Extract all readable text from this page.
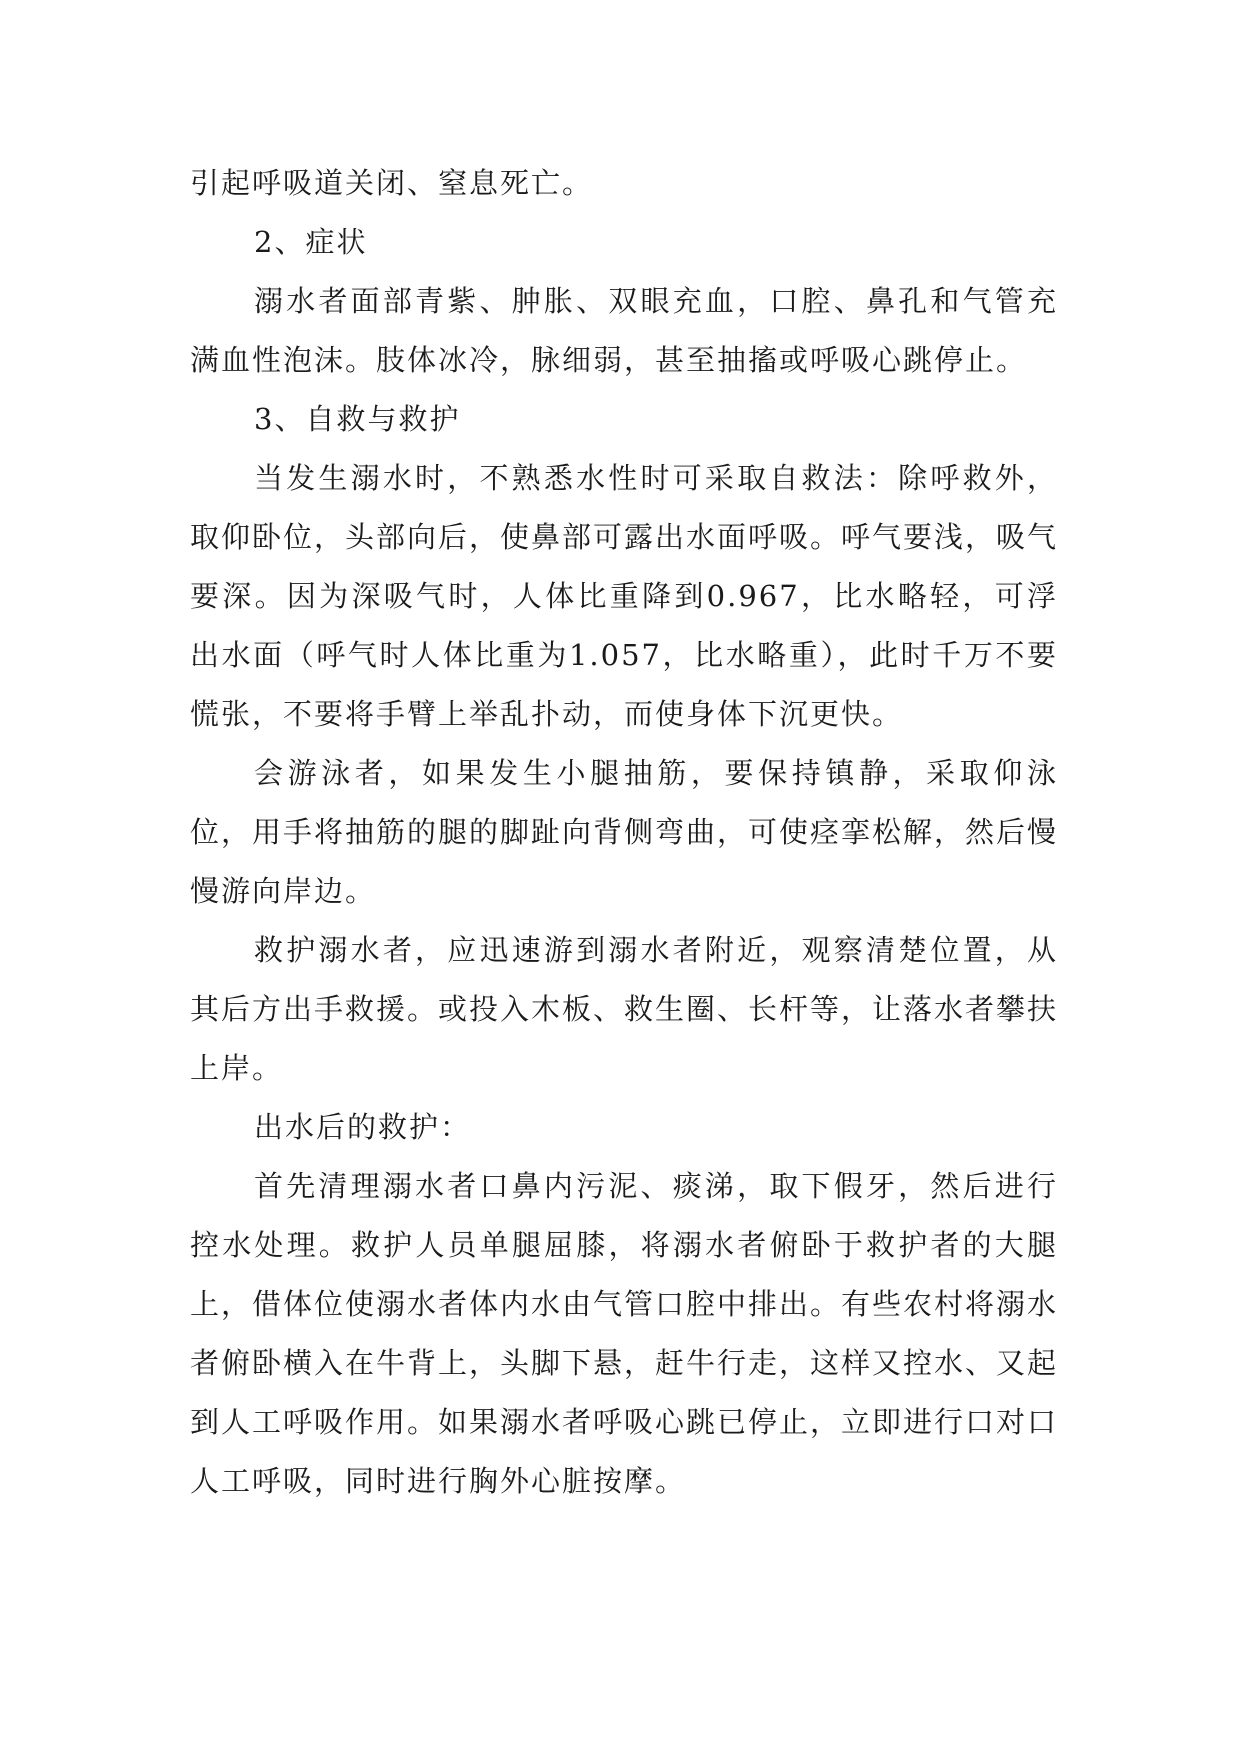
引起呼吸道关闭、窒息死亡。

2、症状

溺水者面部青紫、肿胀、双眼充血，口腔、鼻孔和气管充满血性泡沫。肢体冰冷，脉细弱，甚至抽搐或呼吸心跳停止。

3、自救与救护

当发生溺水时，不熟悉水性时可采取自救法：除呼救外，取仰卧位，头部向后，使鼻部可露出水面呼吸。呼气要浅，吸气要深。因为深吸气时，人体比重降到0.967，比水略轻，可浮出水面（呼气时人体比重为1.057，比水略重），此时千万不要慌张，不要将手臂上举乱扑动，而使身体下沉更快。

会游泳者，如果发生小腿抽筋，要保持镇静，采取仰泳位，用手将抽筋的腿的脚趾向背侧弯曲，可使痉挛松解，然后慢慢游向岸边。

救护溺水者，应迅速游到溺水者附近，观察清楚位置，从其后方出手救援。或投入木板、救生圈、长杆等，让落水者攀扶上岸。

出水后的救护：

首先清理溺水者口鼻内污泥、痰涕，取下假牙，然后进行控水处理。救护人员单腿屈膝，将溺水者俯卧于救护者的大腿上，借体位使溺水者体内水由气管口腔中排出。有些农村将溺水者俯卧横入在牛背上，头脚下悬，赶牛行走，这样又控水、又起到人工呼吸作用。如果溺水者呼吸心跳已停止，立即进行口对口人工呼吸，同时进行胸外心脏按摩。
